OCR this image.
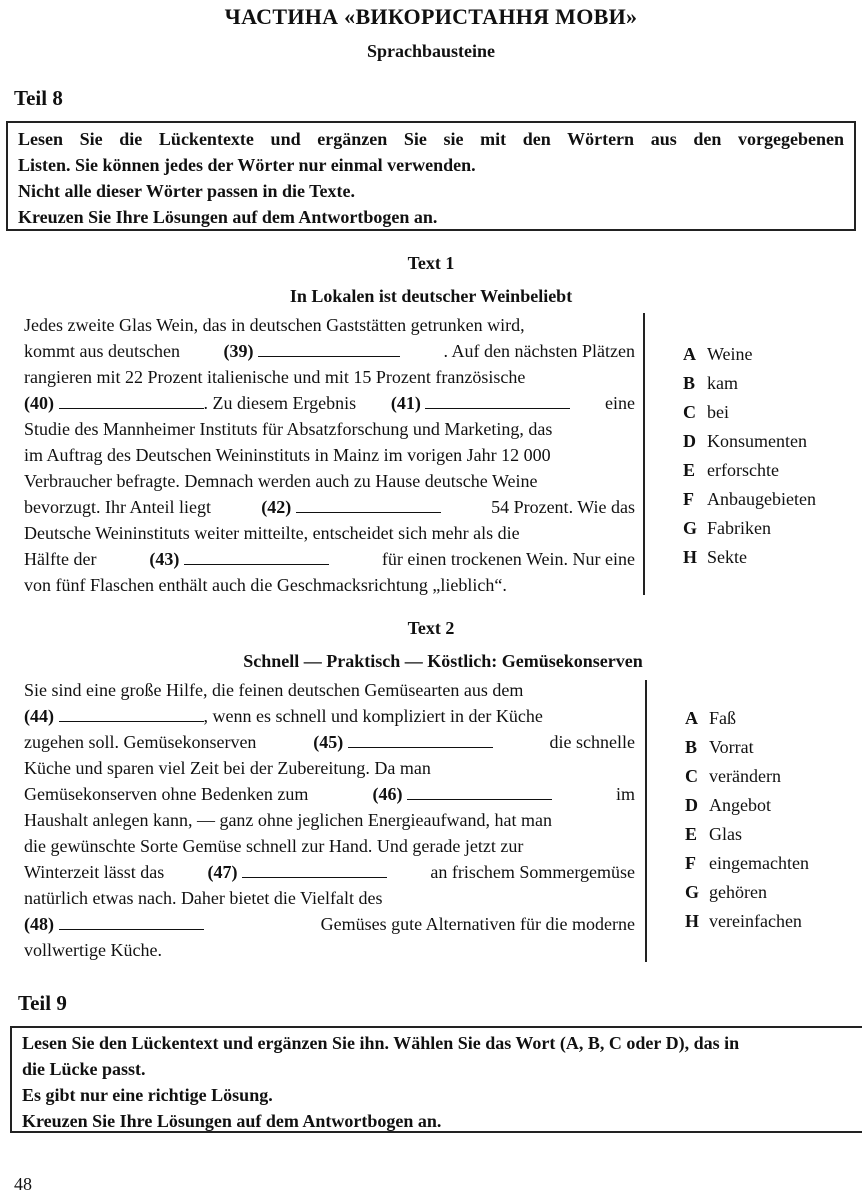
ЧАСТИНА «ВИКОРИСТАННЯ МОВИ»
Sprachbausteine
Teil 8
Lesen Sie die Lückentexte und ergänzen Sie sie mit den Wörtern aus den vorgegebenen
Listen. Sie können jedes der Wörter nur einmal verwenden.
Nicht alle dieser Wörter passen in die Texte.
Kreuzen Sie Ihre Lösungen auf dem Antwortbogen an.
Text 1
In Lokalen ist deutscher Weinbeliebt
Jedes zweite Glas Wein, das in deutschen Gaststätten getrunken wird,
kommt aus deutschen (39)	. Auf den nächsten Plätzen
rangieren mit 22 Prozent italienische und mit 15 Prozent französische
(40)	. Zu diesem Ergebnis (41)	eine
Studie des Mannheimer Instituts für Absatzforschung und Marketing, das
im Auftrag des Deutschen Weininstituts in Mainz im vorigen Jahr 12 000
Verbraucher befragte. Demnach werden auch zu Hause deutsche Weine
bevorzugt. Ihr Anteil liegt	(42)	54 Prozent. Wie das
Deutsche Weininstituts weiter mitteilte, entscheidet sich mehr als die
Hälfte der	(43)	für einen trockenen Wein. Nur eine
von fünf Flaschen enthält auch die Geschmacksrichtung „lieblich“.
A Weine
B kam
C bei
D Konsumenten
E erforschte
F Anbaugebieten
G Fabriken
H Sekte
Text 2
Schnell — Praktisch — Köstlich: Gemüsekonserven
Sie sind eine große Hilfe, die feinen deutschen Gemüsearten aus dem
(44)	, wenn es schnell und kompliziert in der Küche
zugehen soll. Gemüsekonserven	(45)	die schnelle
Küche und sparen viel Zeit bei der Zubereitung. Da man
Gemüsekonserven ohne Bedenken zum	(46)	im
Haushalt anlegen kann, — ganz ohne jeglichen Energieaufwand, hat man
die gewünschte Sorte Gemüse schnell zur Hand. Und gerade jetzt zur
Winterzeit lässt das (47)	an frischem Sommergemüse
natürlich etwas nach. Daher bietet die Vielfalt des
(48)	Gemüses gute Alternativen für die moderne
vollwertige Küche.
A Faß
B Vorrat
C verändern
D Angebot
E Glas
F eingemachten
G gehören
H vereinfachen
Teil 9
Lesen Sie den Lückentext und ergänzen Sie ihn. Wählen Sie das Wort (A, B, C oder D), das in
die Lücke passt.
Es gibt nur eine richtige Lösung.
Kreuzen Sie Ihre Lösungen auf dem Antwortbogen an.
48
